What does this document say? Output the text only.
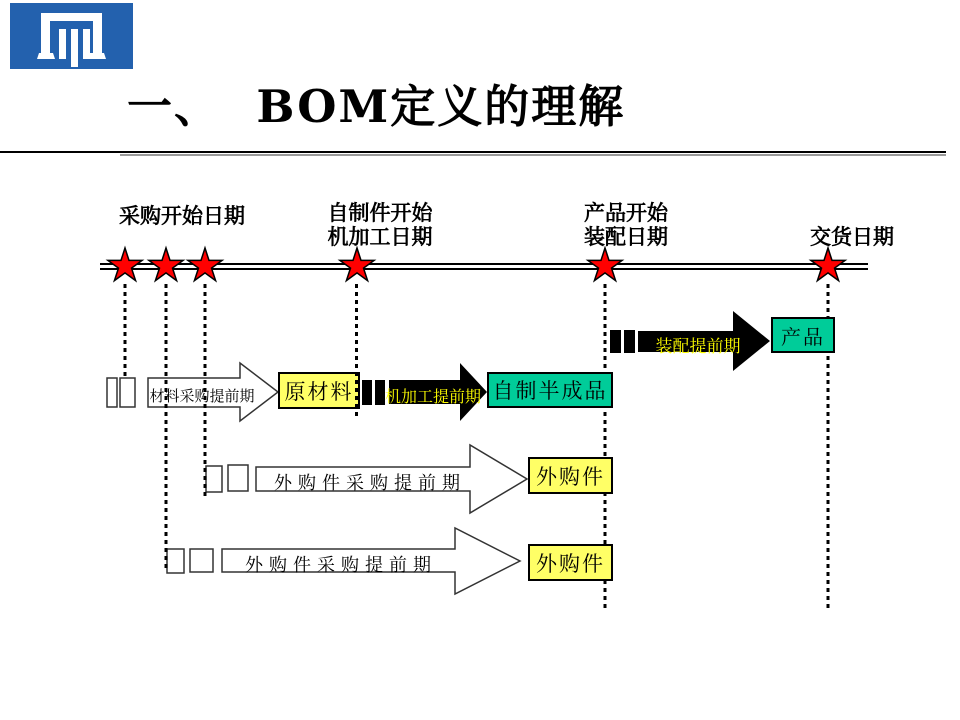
一、  BOM定义的理解
采购开始日期	自制件开始
机加工日期
产品开始
装配日期	交货日期
产品
原材料	自制半成品
外购件
外购件
材料采购提前期	机加工提前期
装配提前期
外购件采购提前期
外购件采购提前期
